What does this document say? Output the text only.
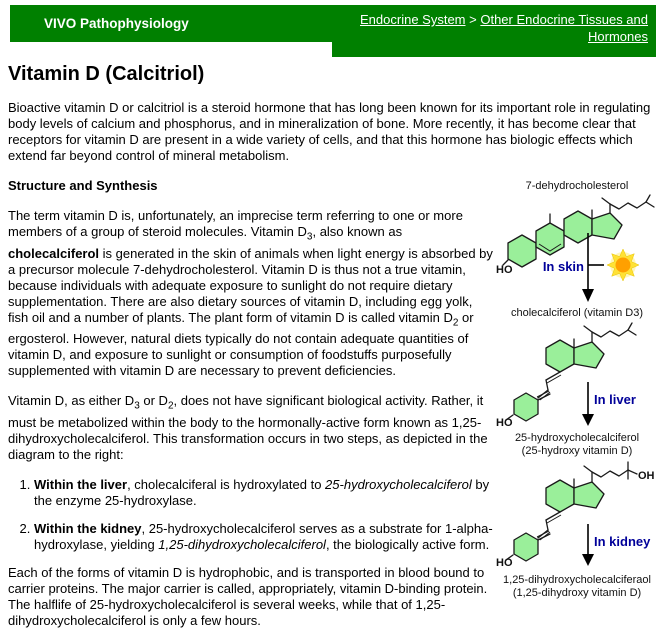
VIVO Pathophysiology	Endocrine System > Other Endocrine Tissues and Hormones
Vitamin D (Calcitriol)

Bioactive vitamin D or calcitriol is a steroid hormone that has long been known for its important role in regulating body levels of calcium and phosphorus, and in mineralization of bone. More recently, it has become clear that receptors for vitamin D are present in a wide variety of cells, and that this hormone has biologic effects which extend far beyond control of mineral metabolism.

Structure and Synthesis

The term vitamin D is, unfortunately, an imprecise term referring to one or more members of a group of steroid molecules. Vitamin $D_3$, also known as cholecalciferol is generated in the skin of animals when light energy is absorbed by a precursor molecule 7-dehydrocholesterol. Vitamin D is thus not a true vitamin, because individuals with adequate exposure to sunlight do not require dietary supplementation. There are also dietary sources of vitamin D, including egg yolk, fish oil and a number of plants. The plant form of vitamin D is called vitamin $D_2$ or ergosterol. However, natural diets typically do not contain adequate quantities of vitamin D, and exposure to sunlight or consumption of foodstuffs purposefully supplemented with vitamin D are necessary to prevent deficiencies.

Vitamin D, as either $D_3$ or $D_2$, does not have significant biological activity. Rather, it must be metabolized within the body to the hormonally-active form known as 1,25-dihydroxycholecalciferol. This transformation occurs in two steps, as depicted in the diagram to the right:

1. Within the liver, cholecalciferal is hydroxylated to 25-hydroxycholecalciferol by the enzyme 25-hydroxylase.
2. Within the kidney, 25-hydroxycholecalciferol serves as a substrate for 1-alpha-hydroxylase, yielding 1,25-dihydroxycholecalciferol, the biologically active form.

Each of the forms of vitamin D is hydrophobic, and is transported in blood bound to carrier proteins. The major carrier is called, appropriately, vitamin D-binding protein. The halflife of 25-hydroxycholecalciferol is several weeks, while that of 1,25-dihydroxycholecalciferol is only a few hours.

7-dehydrocholesterol
HO In skin
cholecalciferol (vitamin D3)
HO
In liver
25-hydroxycholecalciferol
(25-hydroxy vitamin D)
OH
HO
In kidney
1,25-dihydroxycholecalciferaol
(1,25-dihydroxy vitamin D)
